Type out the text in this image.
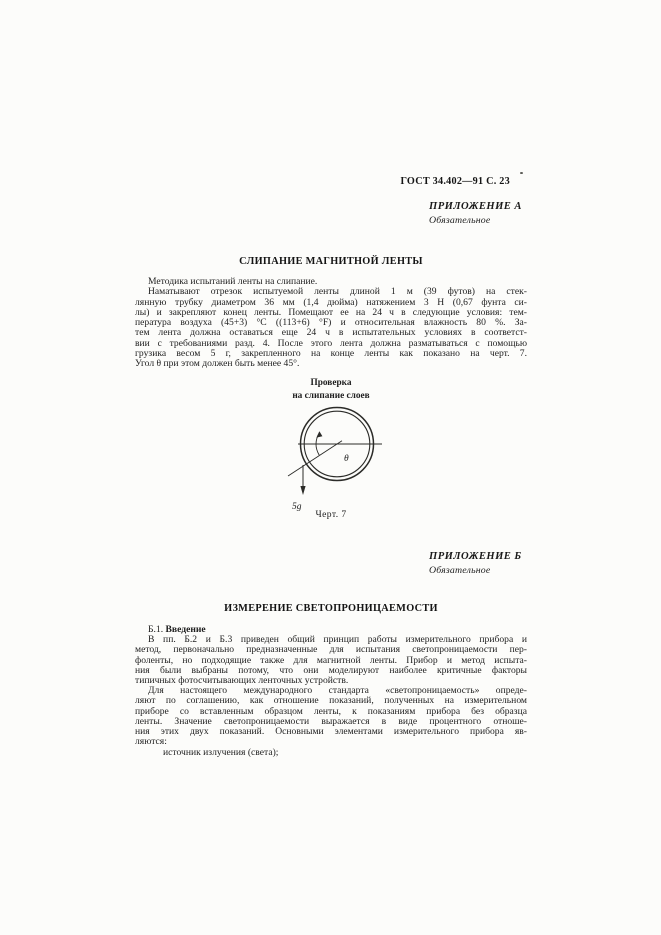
ГОСТ 34.402—91 С. 23
ПРИЛОЖЕНИЕ А
Обязательное
СЛИПАНИЕ МАГНИТНОЙ ЛЕНТЫ
Методика испытаний ленты на слипание.
Наматывают отрезок испытуемой ленты длиной 1 м (39 футов) на стек-
лянную трубку диаметром 36 мм (1,4 дюйма) натяжением 3 Н (0,67 фунта си-
лы) и закрепляют конец ленты. Помещают ее на 24 ч в следующие условия: тем-
пература воздуха (45+3) °С ((113+6) °F) и относительная влажность 80 %. За-
тем лента должна оставаться еще 24 ч в испытательных условиях в соответст-
вии с требованиями разд. 4. После этого лента должна разматываться с помощью
грузика весом 5 г, закрепленного на конце ленты как показано на черт. 7.
Угол θ при этом должен быть менее 45°.
Проверка
на слипание слоев
θ
5g
Черт. 7
ПРИЛОЖЕНИЕ Б
Обязательное
ИЗМЕРЕНИЕ СВЕТОПРОНИЦАЕМОСТИ
Б.1. Введение
В пп. Б.2 и Б.3 приведен общий принцип работы измерительного прибора и
метод, первоначально предназначенные для испытания светопроницаемости пер-
фоленты, но подходящие также для магнитной ленты. Прибор и метод испыта-
ния были выбраны потому, что они моделируют наиболее критичные факторы
типичных фотосчитывающих ленточных устройств.
Для настоящего международного стандарта «светопроницаемость» опреде-
ляют по соглашению, как отношение показаний, полученных на измерительном
приборе со вставленным образцом ленты, к показаниям прибора без образца
ленты. Значение светопроницаемости выражается в виде процентного отноше-
ния этих двух показаний. Основными элементами измерительного прибора яв-
ляются:
источник излучения (света);
